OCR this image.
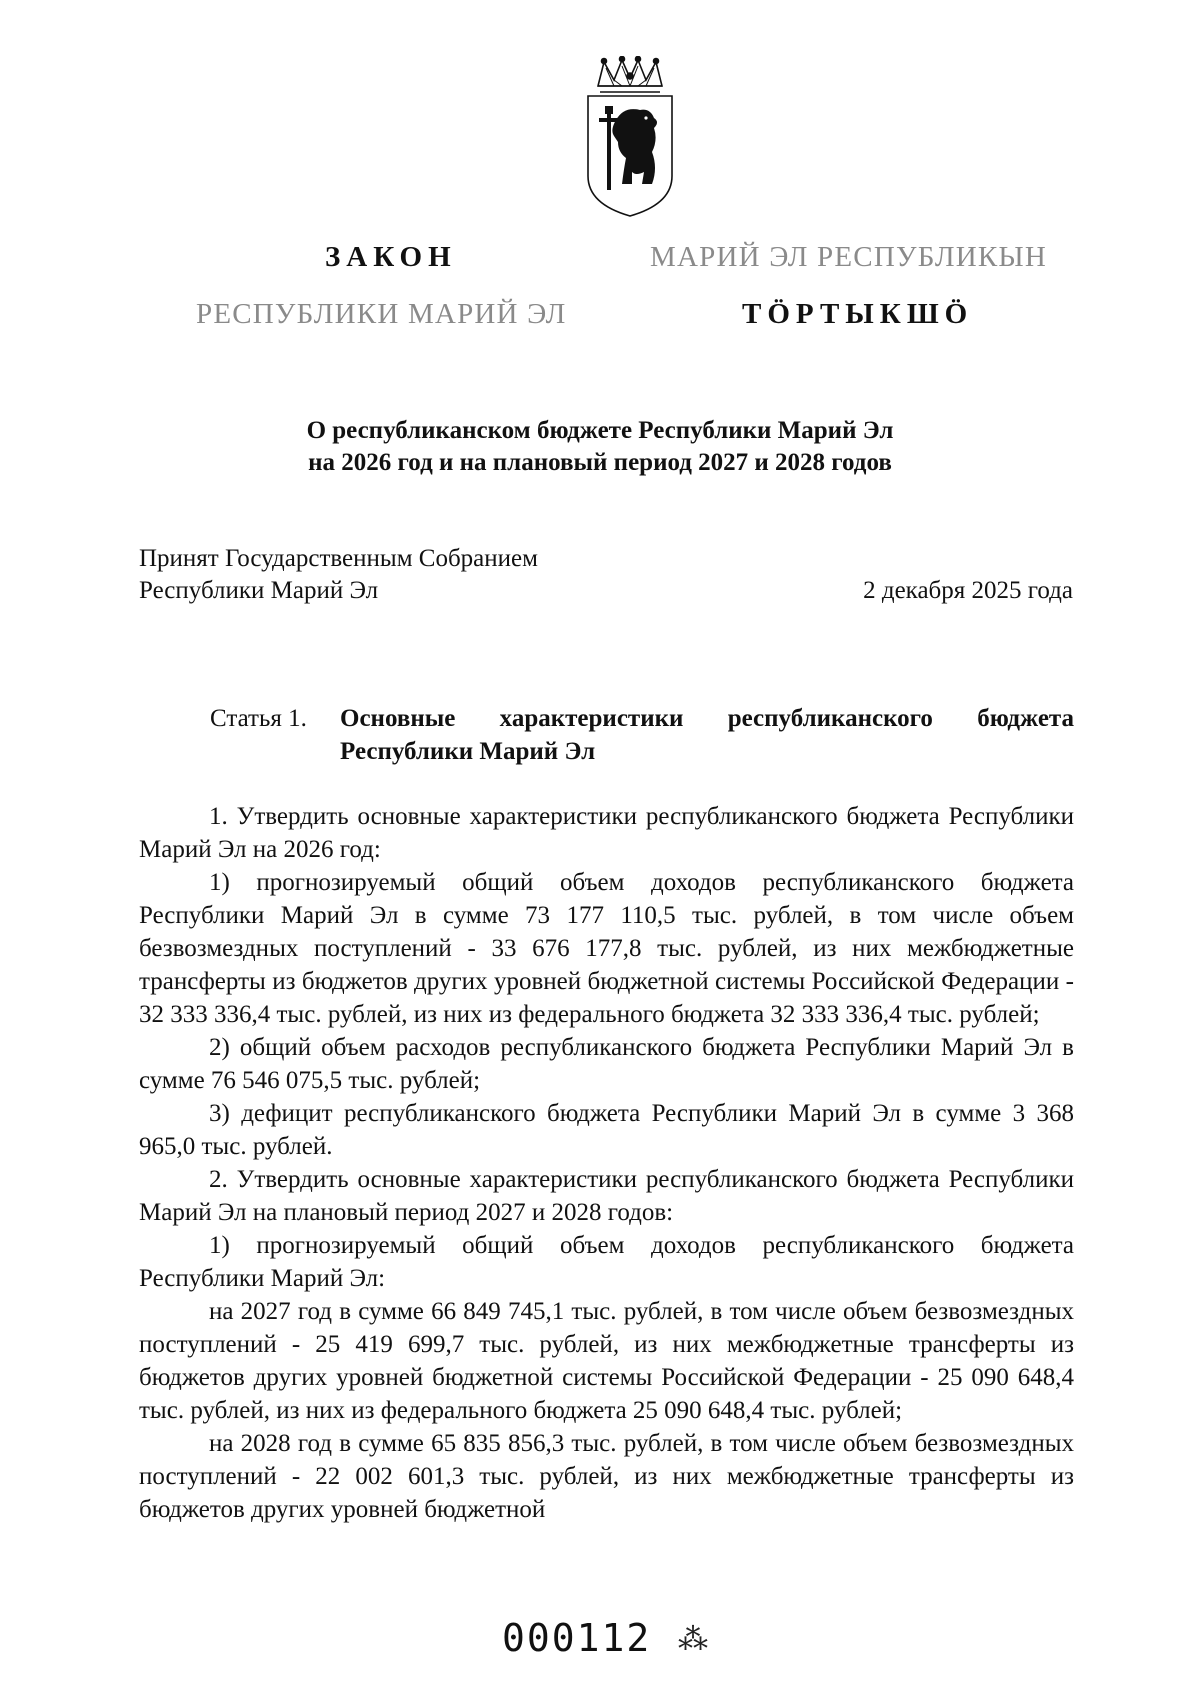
ЗАКОН
РЕСПУБЛИКИ МАРИЙ ЭЛ
МАРИЙ ЭЛ РЕСПУБЛИКЫН
ТӦРТЫКШӦ
О республиканском бюджете Республики Марий Эл
на 2026 год и на плановый период 2027 и 2028 годов
Принят Государственным Собранием
Республики Марий Эл	2 декабря 2025 года
Статья 1. Основные характеристики республиканского бюджета Республики Марий Эл

1. Утвердить основные характеристики республиканского бюджета Республики Марий Эл на 2026 год:

1) прогнозируемый общий объем доходов республиканского бюджета Республики Марий Эл в сумме 73 177 110,5 тыс. рублей, в том числе объем безвозмездных поступлений - 33 676 177,8 тыс. рублей, из них межбюджетные трансферты из бюджетов других уровней бюджетной системы Российской Федерации - 32 333 336,4 тыс. рублей, из них из федерального бюджета 32 333 336,4 тыс. рублей;

2) общий объем расходов республиканского бюджета Республики Марий Эл в сумме 76 546 075,5 тыс. рублей;

3) дефицит республиканского бюджета Республики Марий Эл в сумме 3 368 965,0 тыс. рублей.

2. Утвердить основные характеристики республиканского бюджета Республики Марий Эл на плановый период 2027 и 2028 годов:

1) прогнозируемый общий объем доходов республиканского бюджета Республики Марий Эл:

на 2027 год в сумме 66 849 745,1 тыс. рублей, в том числе объем безвозмездных поступлений - 25 419 699,7 тыс. рублей, из них межбюджетные трансферты из бюджетов других уровней бюджетной системы Российской Федерации - 25 090 648,4 тыс. рублей, из них из федерального бюджета 25 090 648,4 тыс. рублей;

на 2028 год в сумме 65 835 856,3 тыс. рублей, в том числе объем безвозмездных поступлений - 22 002 601,3 тыс. рублей, из них межбюджетные трансферты из бюджетов других уровней бюджетной

000112 ⁂
